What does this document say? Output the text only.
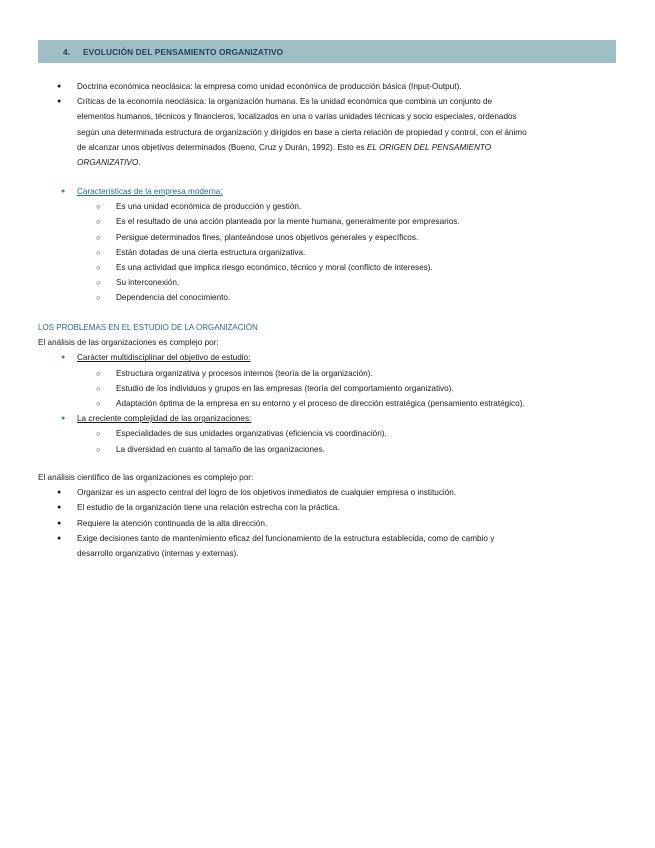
4.	EVOLUCIÓN DEL PENSAMIENTO ORGANIZATIVO
● Doctrina económica neoclásica: la empresa como unidad económica de producción básica (Input-Output).
● Críticas de la economía neoclásica: la organización humana. Es la unidad económica que combina un conjunto de
elementos humanos, técnicos y financieros, localizados en una o varias unidades técnicas y socio especiales, ordenados
según una determinada estructura de organización y dirigidos en base a cierta relación de propiedad y control, con el ánimo
de alcanzar unos objetivos determinados (Bueno, Cruz y Durán, 1992). Esto es EL ORIGEN DEL PENSAMIENTO
ORGANIZATIVO.
● Características de la empresa moderna:
○ Es una unidad económica de producción y gestión.
○ Es el resultado de una acción planteada por la mente humana, generalmente por empresarios.
○ Persigue determinados fines, planteándose unos objetivos generales y específicos.
○ Están dotadas de una cierta estructura organizativa.
○ Es una actividad que implica riesgo económico, técnico y moral (conflicto de intereses).
○ Su interconexión.
○ Dependencia del conocimiento.
LOS PROBLEMAS EN EL ESTUDIO DE LA ORGANIZACIÓN
El análisis de las organizaciones es complejo por:
● Carácter multidisciplinar del objetivo de estudio:
○ Estructura organizativa y procesos internos (teoría de la organización).
○ Estudio de los individuos y grupos en las empresas (teoría del comportamiento organizativo).
○ Adaptación óptima de la empresa en su entorno y el proceso de dirección estratégica (pensamiento estratégico).
● La creciente complejidad de las organizaciones:
○ Especialidades de sus unidades organizativas (eficiencia vs coordinación).
○ La diversidad en cuanto al tamaño de las organizaciones.
El análisis científico de las organizaciones es complejo por:
● Organizar es un aspecto central del logro de los objetivos inmediatos de cualquier empresa o institución.
● El estudio de la organización tiene una relación estrecha con la práctica.
● Requiere la atención continuada de la alta dirección.
● Exige decisiones tanto de mantenimiento eficaz del funcionamiento de la estructura establecida, como de cambio y
desarrollo organizativo (internas y externas).
